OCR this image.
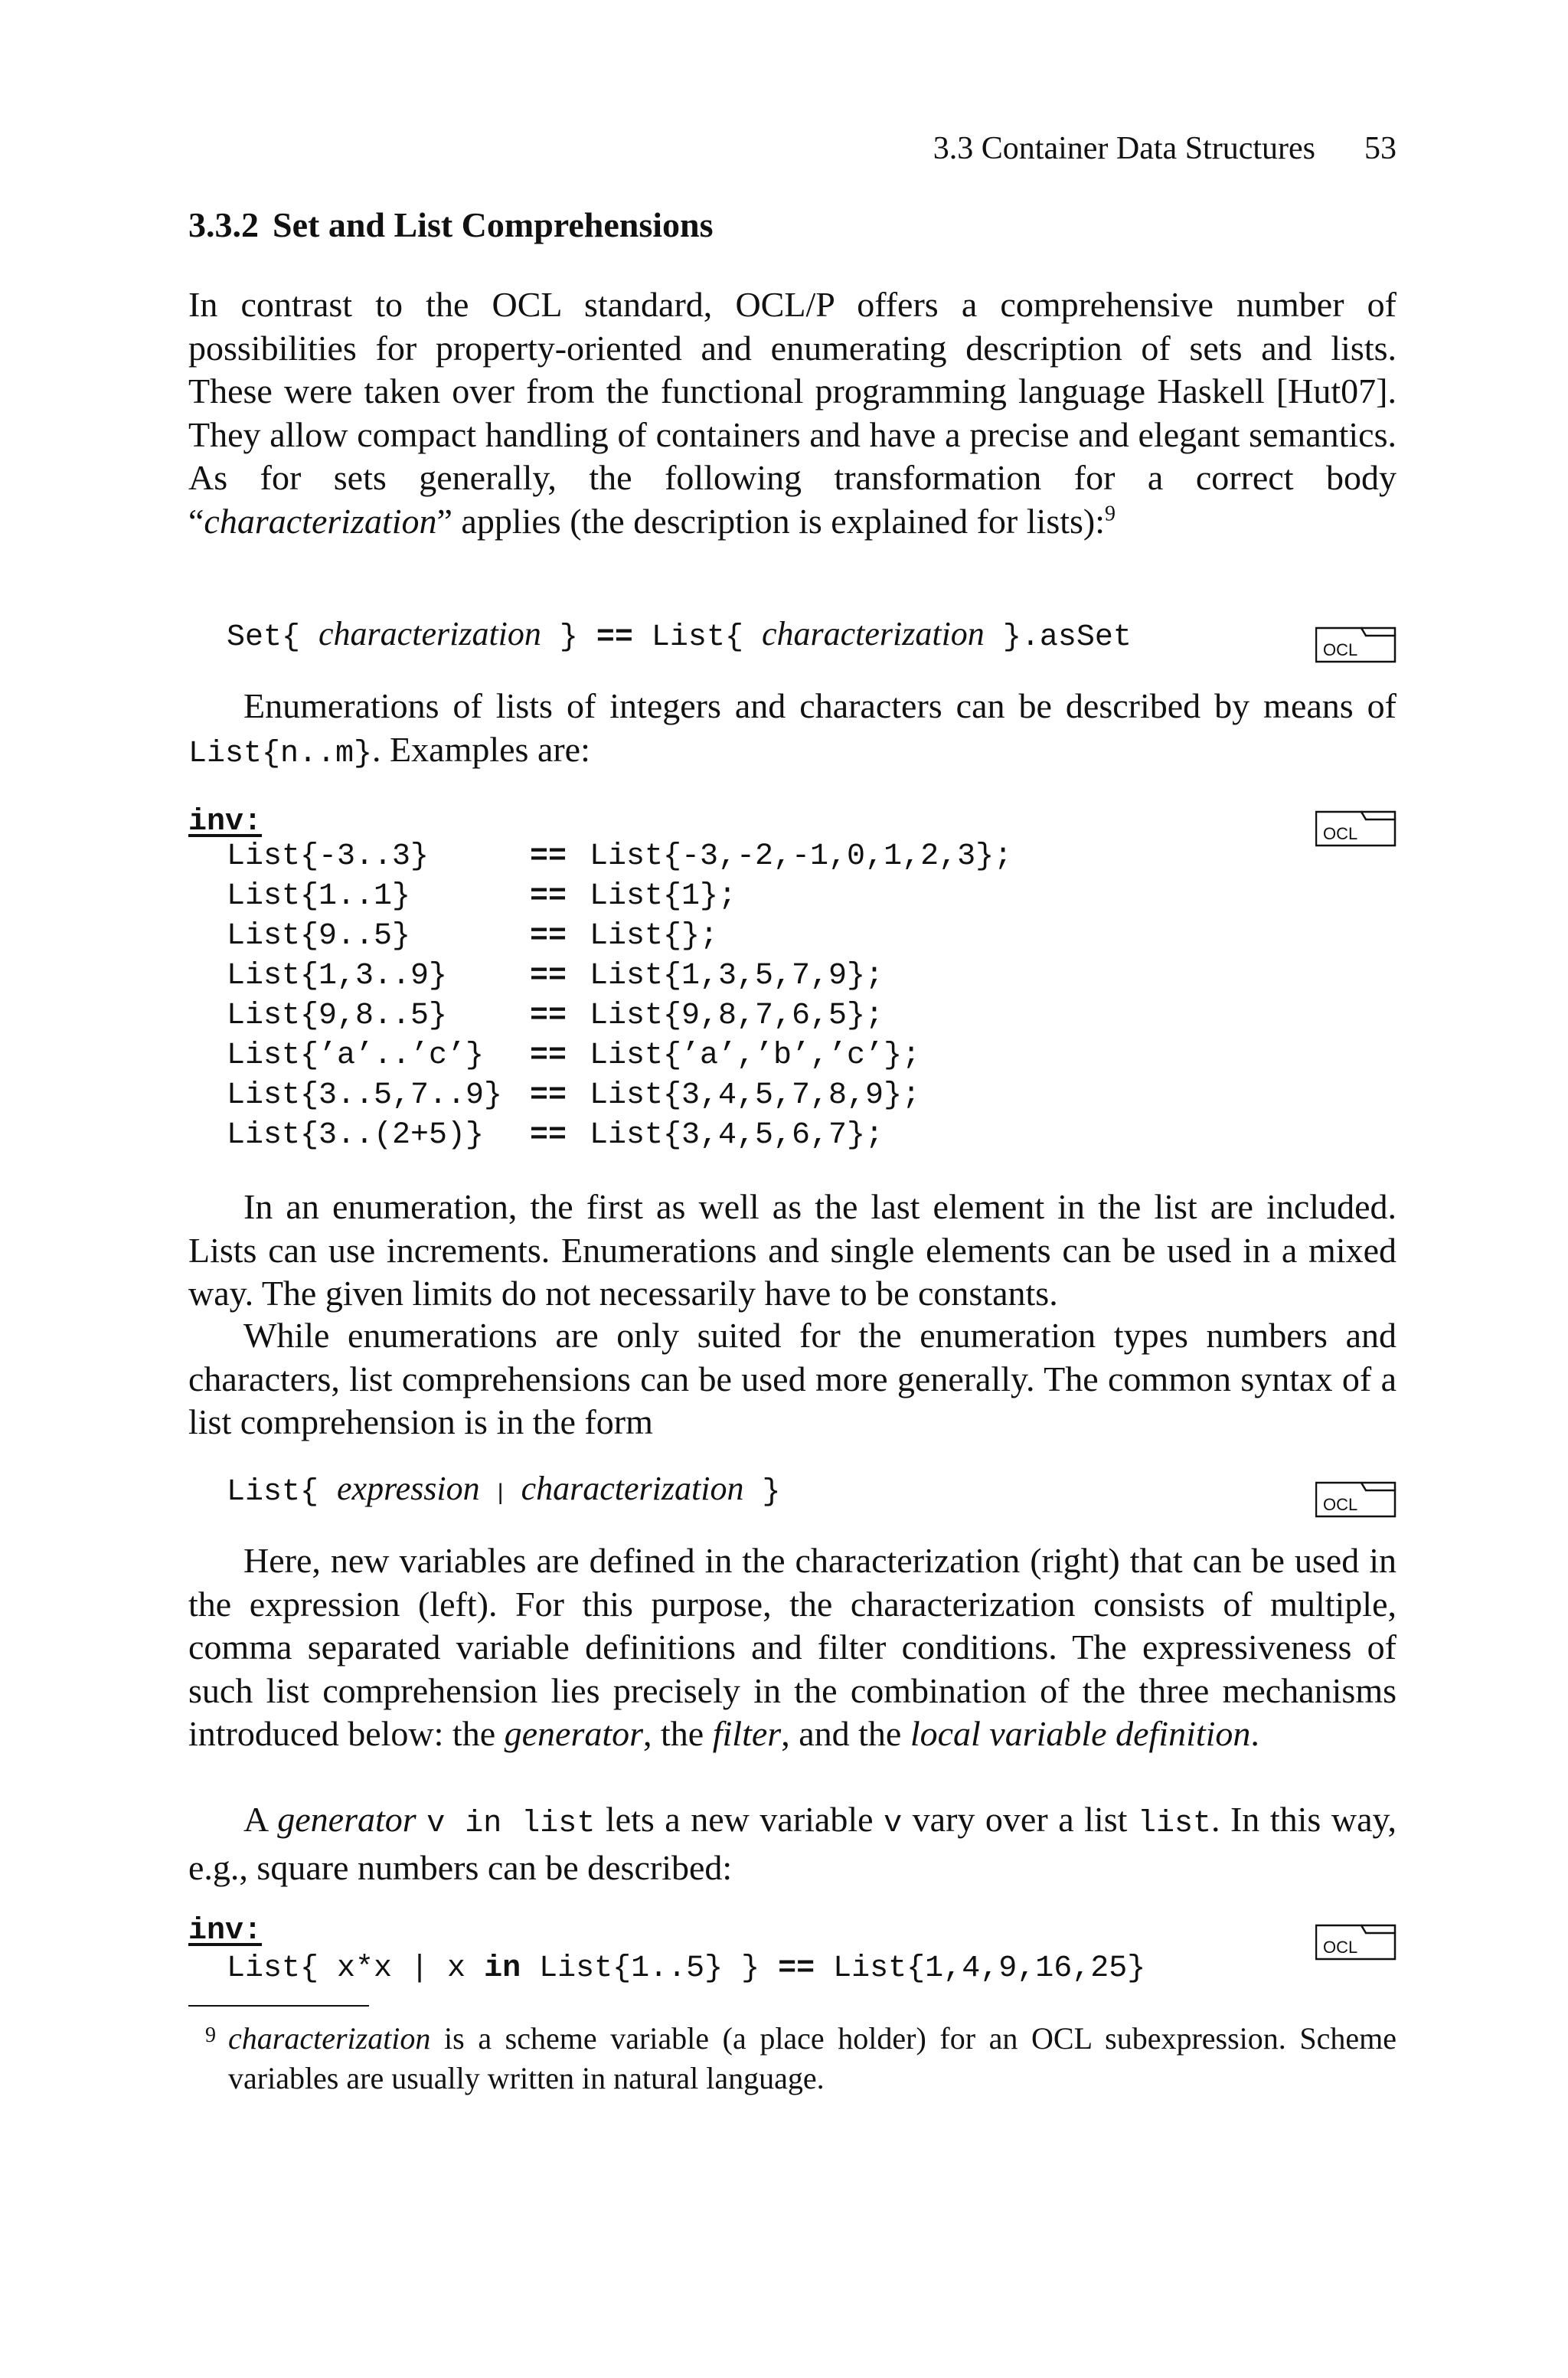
3.3 Container Data Structures 53
3.3.2 Set and List Comprehensions

In contrast to the OCL standard, OCL/P offers a comprehensive number of possibilities for property-oriented and enumerating description of sets and lists. These were taken over from the functional programming language Haskell [Hut07]. They allow compact handling of containers and have a precise and elegant semantics. As for sets generally, the following transformation for a correct body “characterization” applies (the description is explained for lists):$^9$

Set{ characterization } == List{ characterization }.asSet	OCL

Enumerations of lists of integers and characters can be described by means of List{n..m}. Examples are:

inv:	OCL
List{-3..3}	== List{-3,-2,-1,0,1,2,3};
List{1..1}	== List{1};
List{9..5}	== List{};
List{1,3..9}	== List{1,3,5,7,9};
List{9,8..5}	== List{9,8,7,6,5};
List{’a’..’c’} == List{’a’,’b’,’c’};
List{3..5,7..9} == List{3,4,5,7,8,9};
List{3..(2+5)} == List{3,4,5,6,7};

In an enumeration, the first as well as the last element in the list are included. Lists can use increments. Enumerations and single elements can be used in a mixed way. The given limits do not necessarily have to be constants.

While enumerations are only suited for the enumeration types numbers and characters, list comprehensions can be used more generally. The common syntax of a list comprehension is in the form

List{ expression | characterization }	OCL

Here, new variables are defined in the characterization (right) that can be used in the expression (left). For this purpose, the characterization consists of multiple, comma separated variable definitions and filter conditions. The expressiveness of such list comprehension lies precisely in the combination of the three mechanisms introduced below: the generator, the filter, and the local variable definition.

A generator v in list lets a new variable v vary over a list list. In this way, e.g., square numbers can be described:

inv:	OCL
List{ x*x | x in List{1..5} } == List{1,4,9,16,25}
9 characterization is a scheme variable (a place holder) for an OCL subexpression. Scheme variables are usually written in natural language.
